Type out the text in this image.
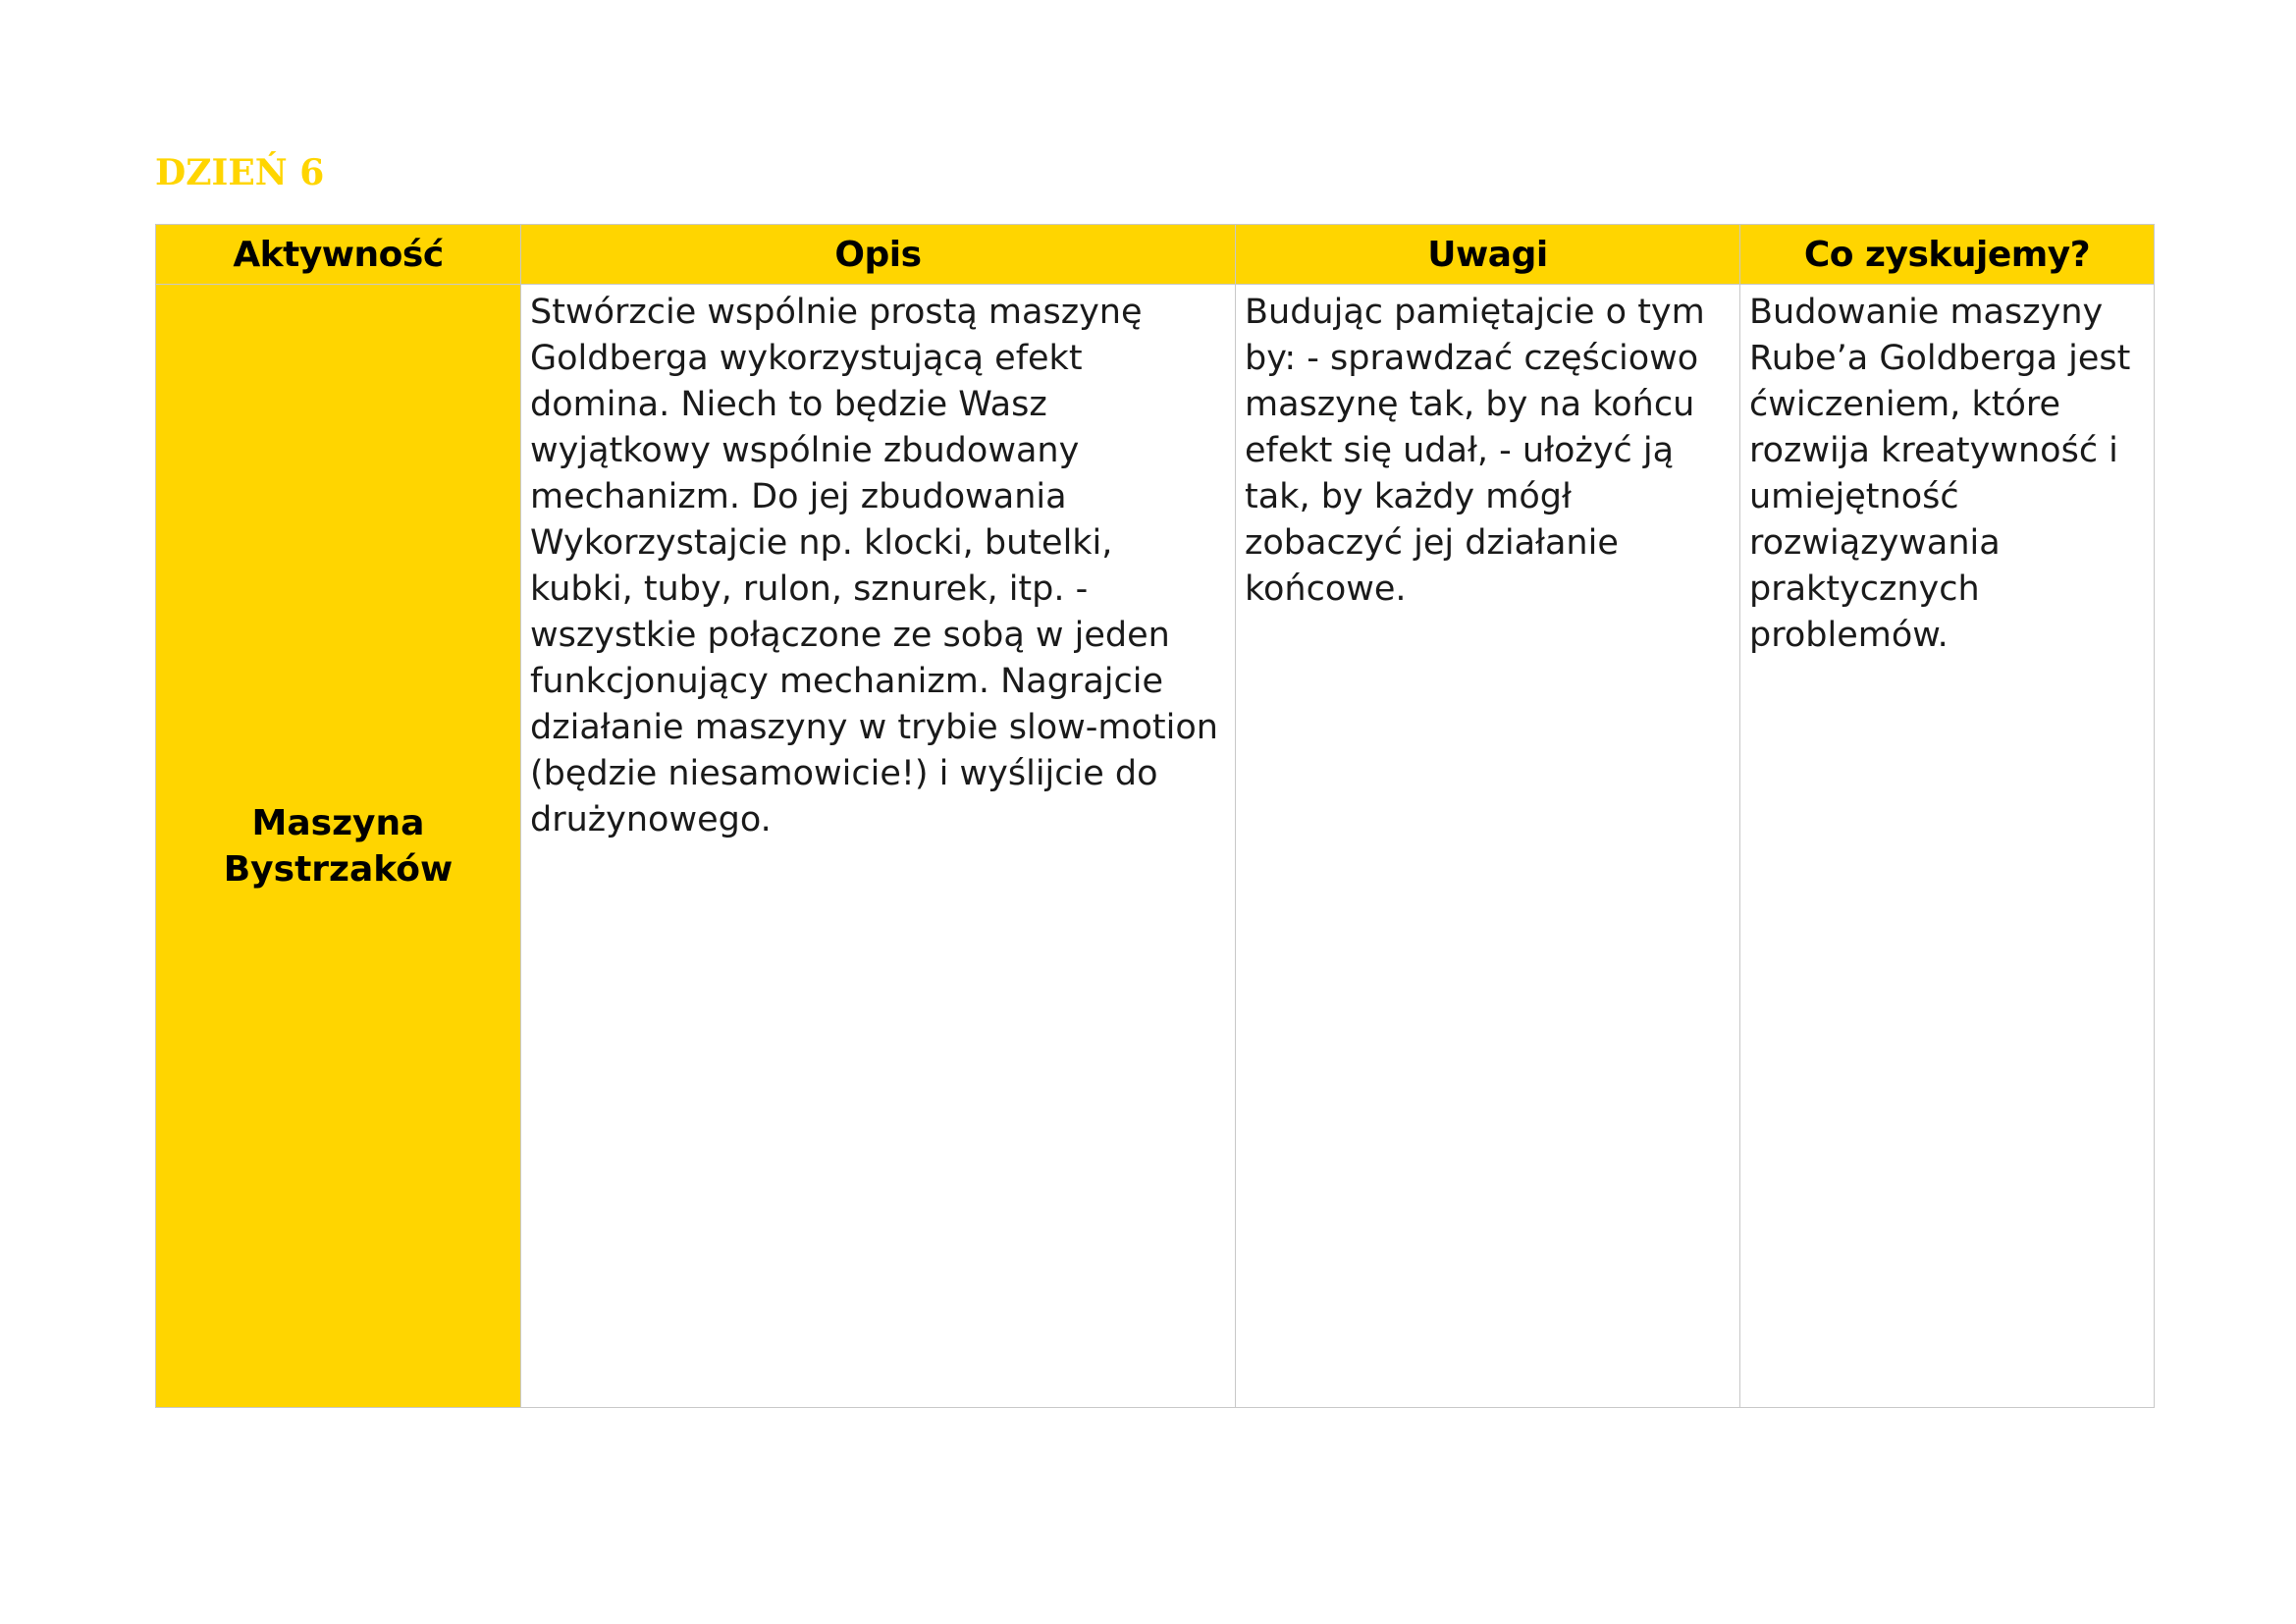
DZIEŃ 6
Aktywność	Opis	Uwagi	Co zyskujemy?
Maszyna Bystrzaków	Stwórzcie wspólnie prostą maszynę Goldberga wykorzystującą efekt domina. Niech to będzie Wasz wyjątkowy wspólnie zbudowany mechanizm. Do jej zbudowania Wykorzystajcie np. klocki, butelki, kubki, tuby, rulon, sznurek, itp. - wszystkie połączone ze sobą w jeden funkcjonujący mechanizm. Nagrajcie działanie maszyny w trybie slow-motion (będzie niesamowicie!) i wyślijcie do drużynowego.	Budując pamiętajcie o tym by: - sprawdzać częściowo maszynę tak, by na końcu efekt się udał, - ułożyć ją tak, by każdy mógł zobaczyć jej działanie końcowe.	Budowanie maszyny Rube’a Goldberga jest ćwiczeniem, które rozwija kreatywność i umiejętność rozwiązywania praktycznych problemów.
